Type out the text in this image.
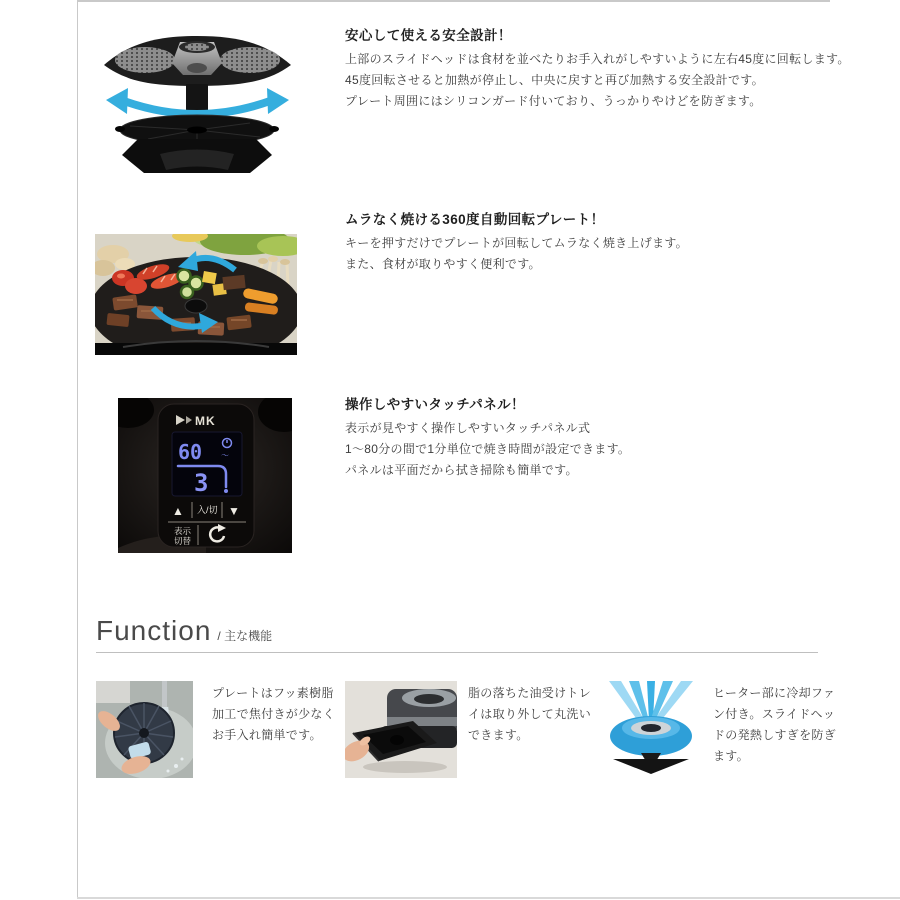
安心して使える安全設計！
上部のスライドヘッドは食材を並べたりお手入れがしやすいように左右45度に回転します。
45度回転させると加熱が停止し、中央に戻すと再び加熱する安全設計です。
プレート周囲にはシリコンガード付いており、うっかりやけどを防ぎます。
ムラなく焼ける360度自動回転プレート！
キーを押すだけでプレートが回転してムラなく焼き上げます。
また、食材が取りやすく便利です。
MK
60 ～
3
▲ 入/切 ▼
表示
切替
操作しやすいタッチパネル！
表示が見やすく操作しやすいタッチパネル式
1～80分の間で1分単位で焼き時間が設定できます。
パネルは平面だから拭き掃除も簡単です。
Function / 主な機能
プレートはフッ素樹脂
加工で焦付きが少なく
お手入れ簡単です。
脂の落ちた油受けトレ
イは取り外して丸洗い
できます。
ヒーター部に冷却ファ
ン付き。スライドヘッ
ドの発熱しすぎを防ぎ
ます。
